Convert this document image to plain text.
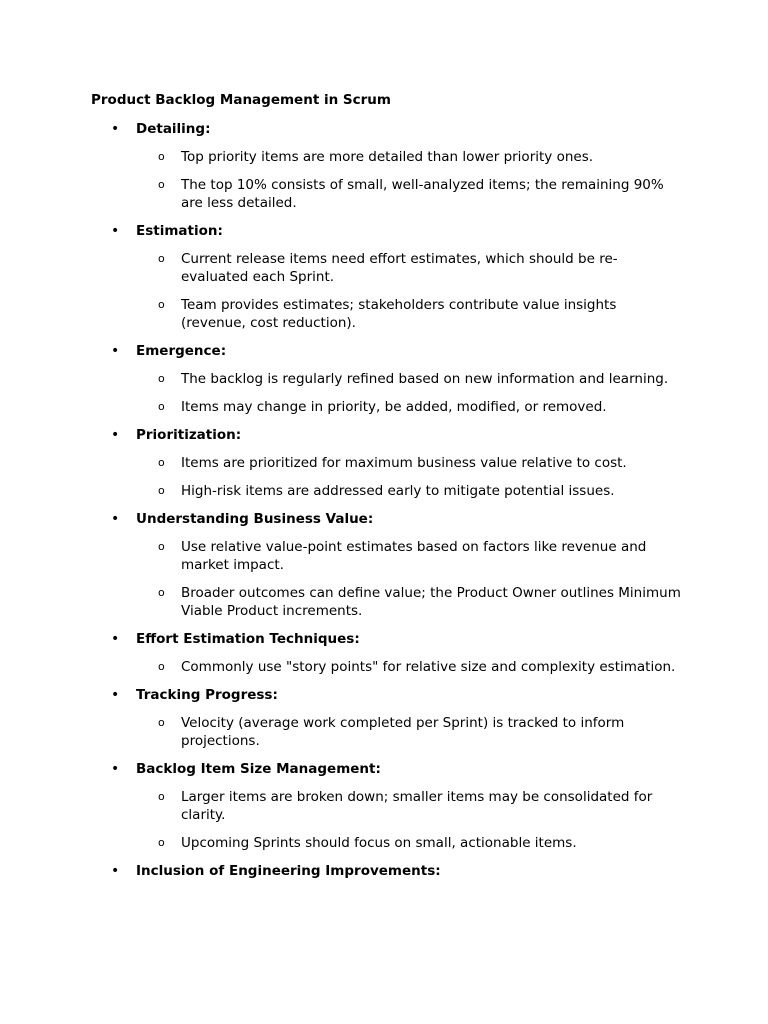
Product Backlog Management in Scrum
• Detailing:
o Top priority items are more detailed than lower priority ones.
o The top 10% consists of small, well-analyzed items; the remaining 90% are less detailed.
• Estimation:
o Current release items need effort estimates, which should be re-evaluated each Sprint.
o Team provides estimates; stakeholders contribute value insights (revenue, cost reduction).
• Emergence:
o The backlog is regularly refined based on new information and learning.
o Items may change in priority, be added, modified, or removed.
• Prioritization:
o Items are prioritized for maximum business value relative to cost.
o High-risk items are addressed early to mitigate potential issues.
• Understanding Business Value:
o Use relative value-point estimates based on factors like revenue and market impact.
o Broader outcomes can define value; the Product Owner outlines Minimum Viable Product increments.
• Effort Estimation Techniques:
o Commonly use "story points" for relative size and complexity estimation.
• Tracking Progress:
o Velocity (average work completed per Sprint) is tracked to inform projections.
• Backlog Item Size Management:
o Larger items are broken down; smaller items may be consolidated for clarity.
o Upcoming Sprints should focus on small, actionable items.
• Inclusion of Engineering Improvements:
